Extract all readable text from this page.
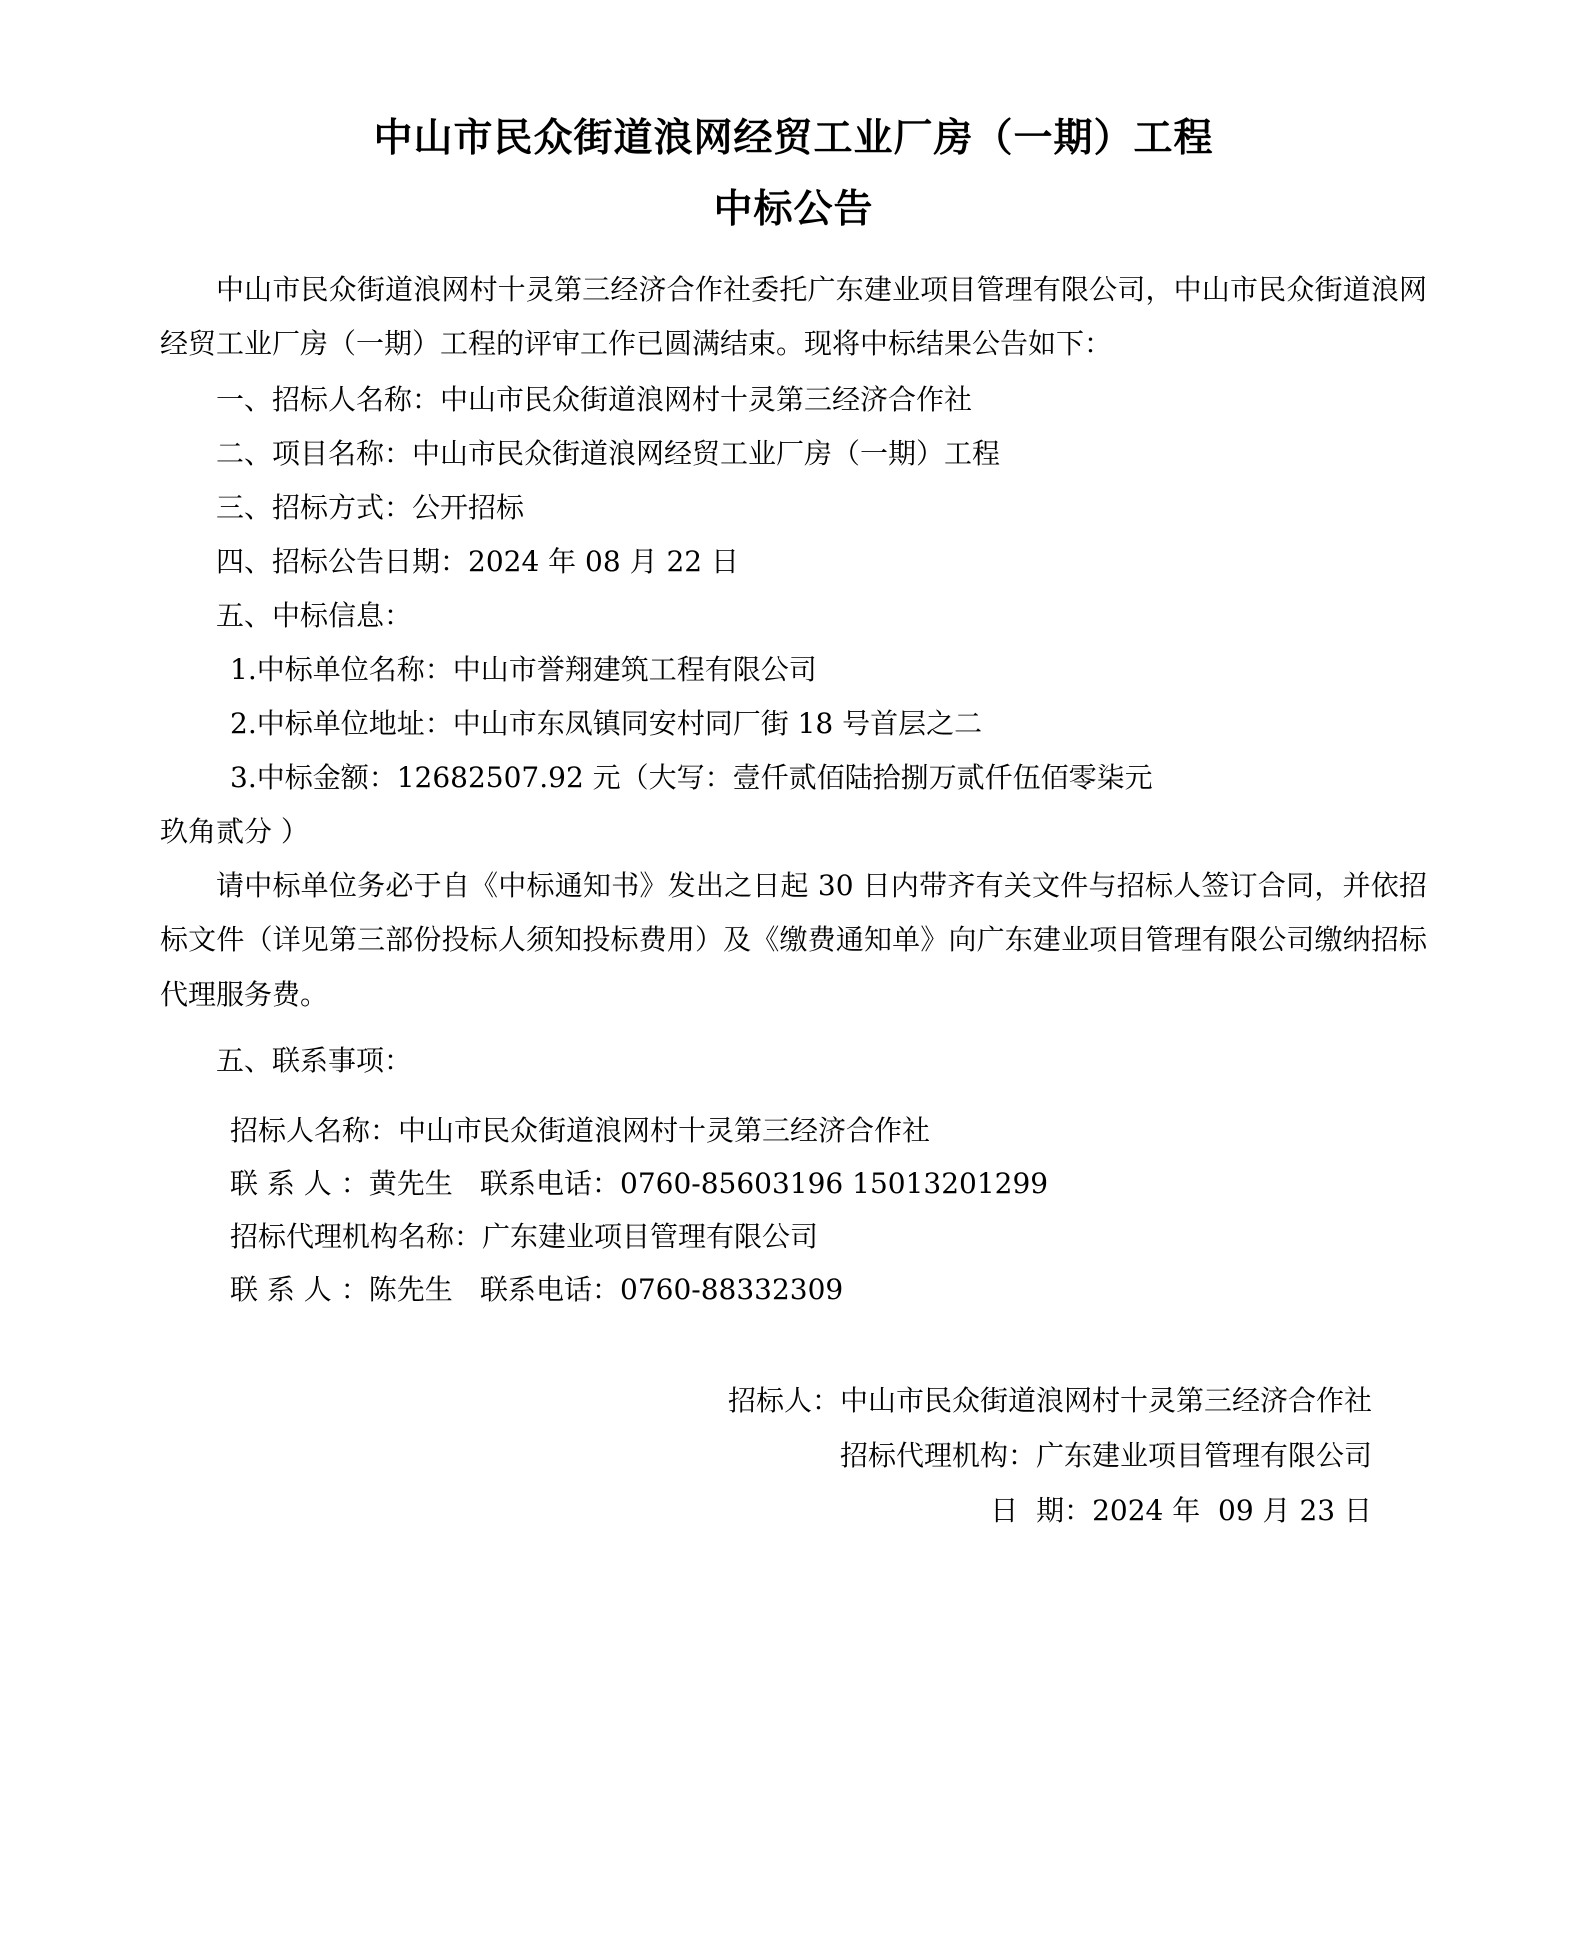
中山市民众街道浪网经贸工业厂房（一期）工程
中标公告

中山市民众街道浪网村十灵第三经济合作社委托广东建业项目管理有限公司，中山市民众街道浪网经贸工业厂房（一期）工程的评审工作已圆满结束。现将中标结果公告如下：

一、招标人名称：中山市民众街道浪网村十灵第三经济合作社

二、项目名称：中山市民众街道浪网经贸工业厂房（一期）工程

三、招标方式：公开招标

四、招标公告日期：2024 年 08 月 22 日

五、中标信息：

1.中标单位名称：中山市誉翔建筑工程有限公司

2.中标单位地址：中山市东凤镇同安村同厂街 18 号首层之二

3.中标金额：12682507.92 元（大写：壹仟贰佰陆拾捌万贰仟伍佰零柒元

玖角贰分 ）

请中标单位务必于自《中标通知书》发出之日起 30 日内带齐有关文件与招标人签订合同，并依招标文件（详见第三部份投标人须知投标费用）及《缴费通知单》向广东建业项目管理有限公司缴纳招标代理服务费。

五、联系事项：

招标人名称：中山市民众街道浪网村十灵第三经济合作社

联 系 人 ：黄先生 联系电话：0760-85603196 15013201299

招标代理机构名称：广东建业项目管理有限公司

联 系 人 ：陈先生 联系电话：0760-88332309

招标人：中山市民众街道浪网村十灵第三经济合作社

招标代理机构：广东建业项目管理有限公司

日  期：2024 年  09 月 23 日
